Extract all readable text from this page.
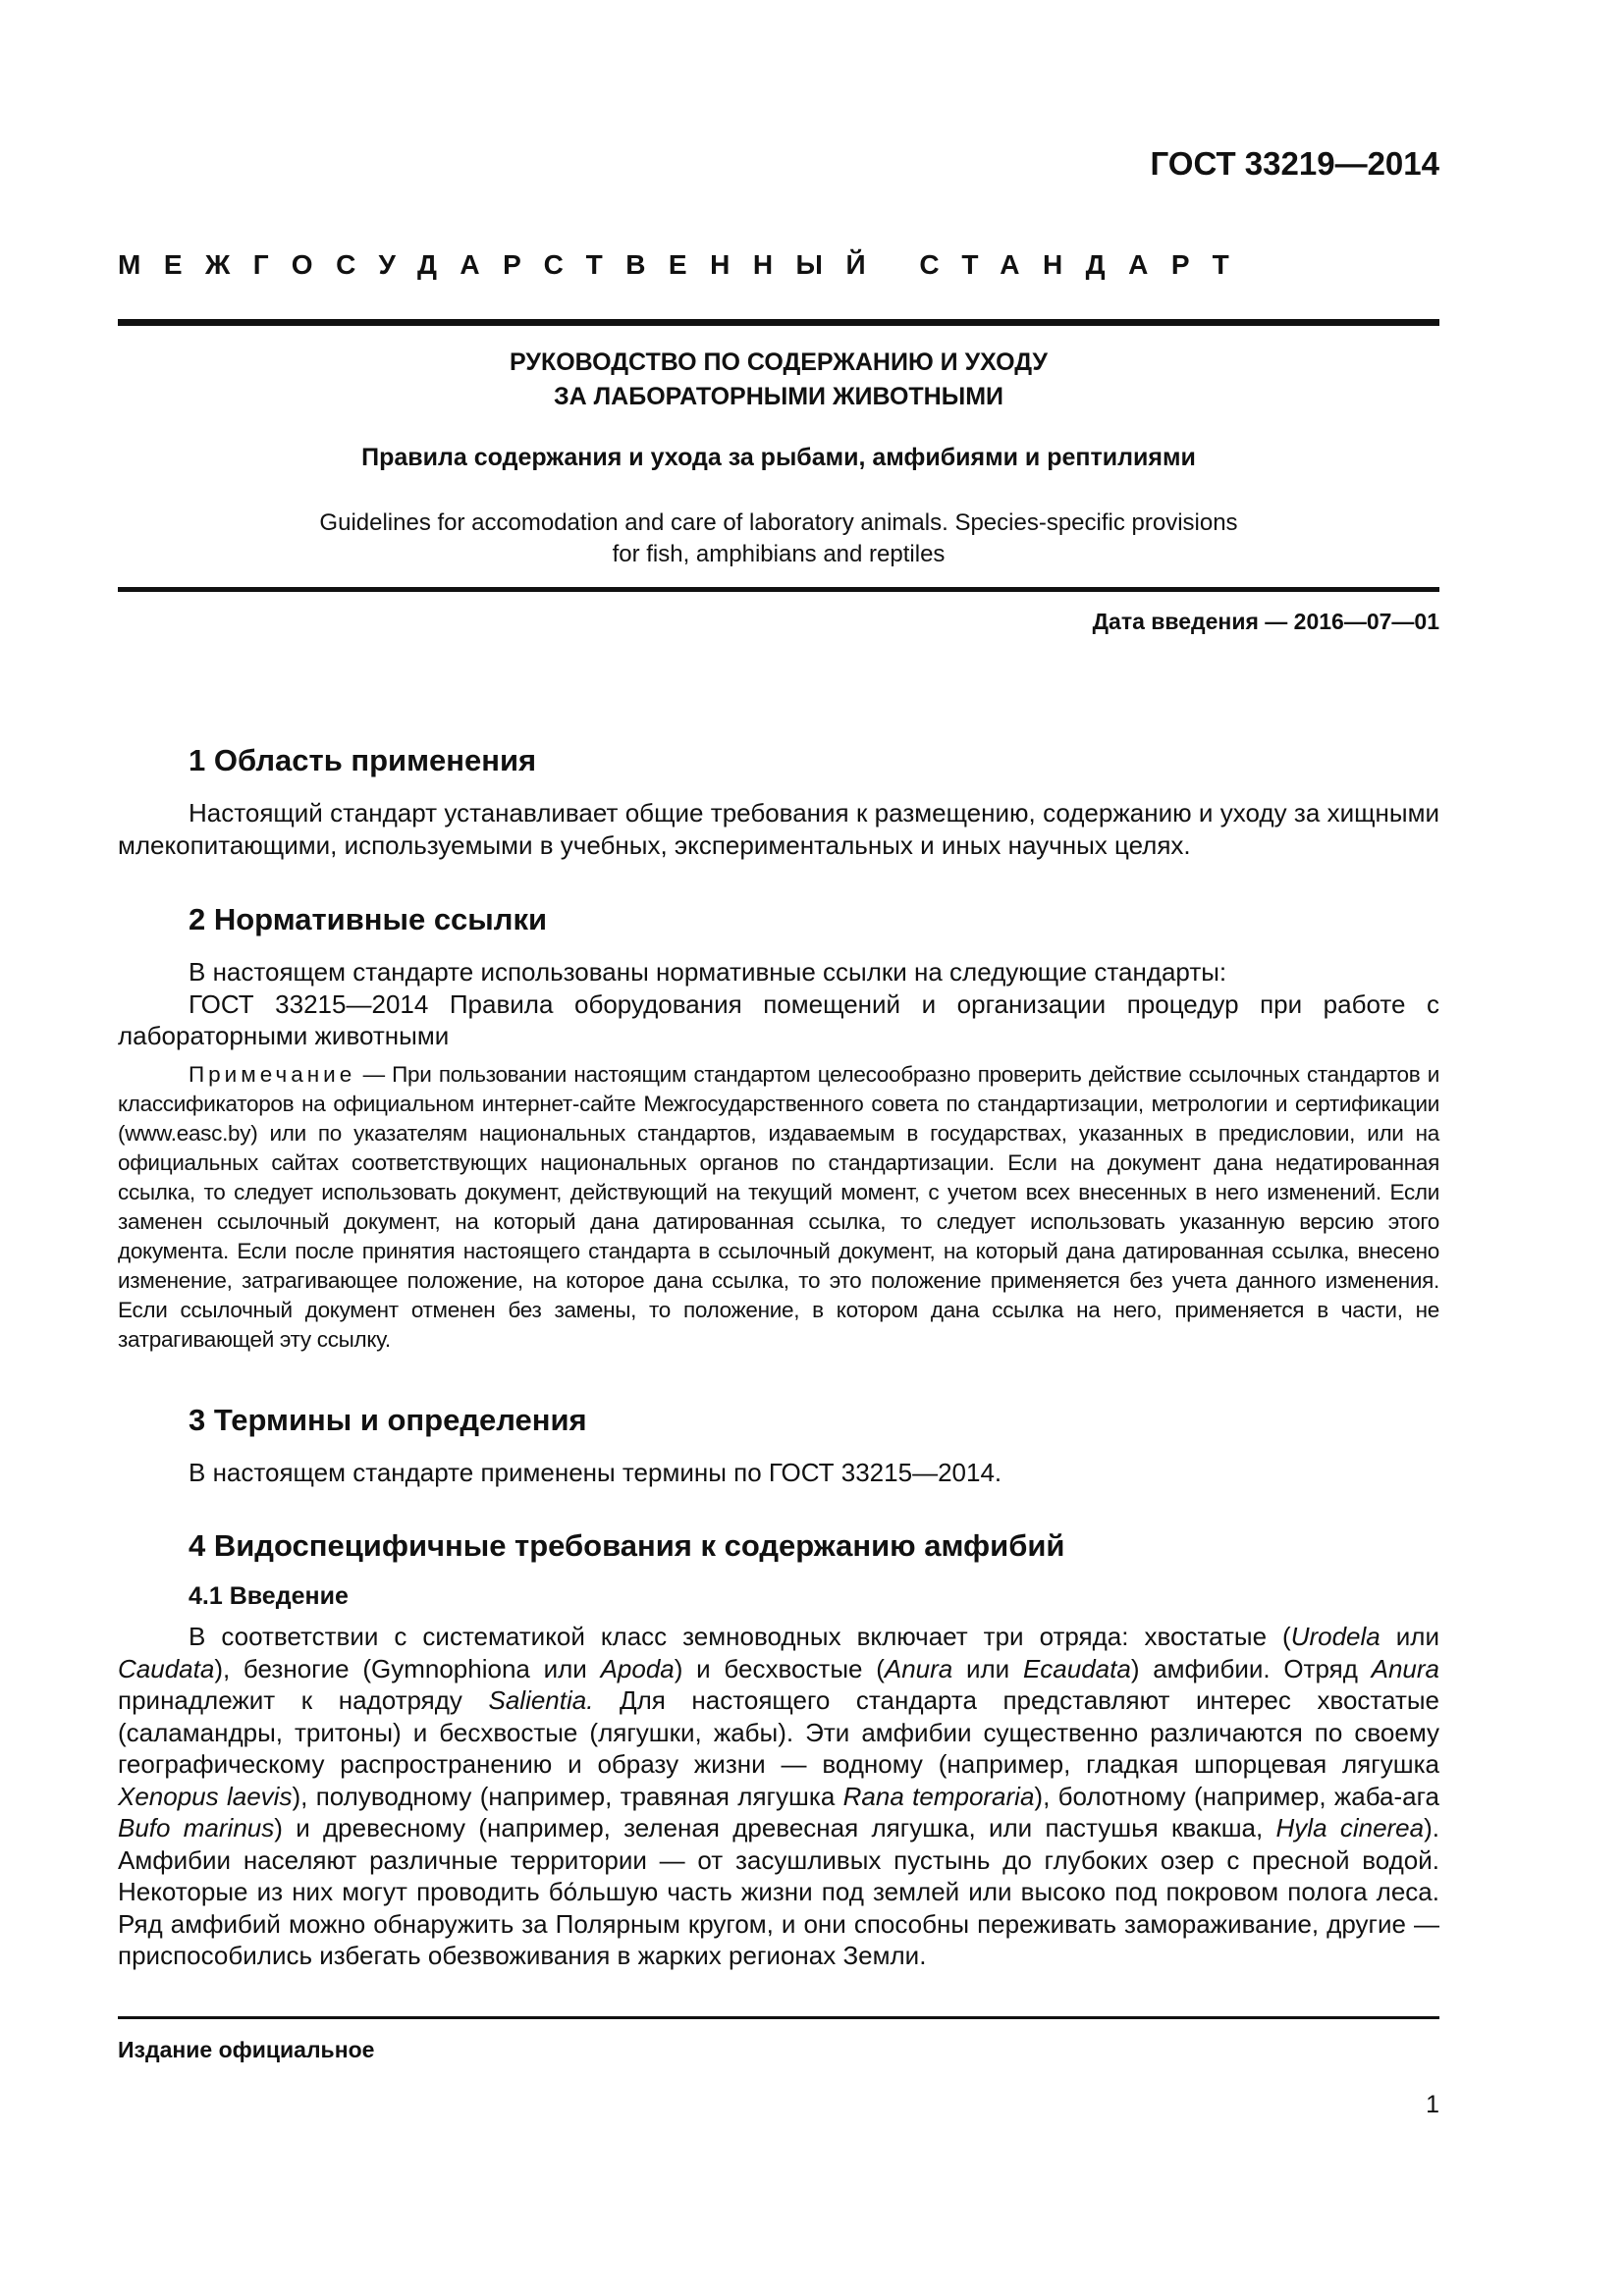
ГОСТ 33219—2014

МЕЖГОСУДАРСТВЕННЫЙ СТАНДАРТ

РУКОВОДСТВО ПО СОДЕРЖАНИЮ И УХОДУ
ЗА ЛАБОРАТОРНЫМИ ЖИВОТНЫМИ

Правила содержания и ухода за рыбами, амфибиями и рептилиями

Guidelines for accomodation and care of laboratory animals. Species-specific provisions
for fish, amphibians and reptiles

Дата введения — 2016—07—01

1 Область применения

Настоящий стандарт устанавливает общие требования к размещению, содержанию и уходу за хищными млекопитающими, используемыми в учебных, экспериментальных и иных научных целях.

2 Нормативные ссылки

В настоящем стандарте использованы нормативные ссылки на следующие стандарты:

ГОСТ 33215—2014 Правила оборудования помещений и организации процедур при работе с лабораторными животными

Примечание — При пользовании настоящим стандартом целесообразно проверить действие ссылочных стандартов и классификаторов на официальном интернет-сайте Межгосударственного совета по стандартизации, метрологии и сертификации (www.easc.by) или по указателям национальных стандартов, издаваемым в государствах, указанных в предисловии, или на официальных сайтах соответствующих национальных органов по стандартизации. Если на документ дана недатированная ссылка, то следует использовать документ, действующий на текущий момент, с учетом всех внесенных в него изменений. Если заменен ссылочный документ, на который дана датированная ссылка, то следует использовать указанную версию этого документа. Если после принятия настоящего стандарта в ссылочный документ, на который дана датированная ссылка, внесено изменение, затрагивающее положение, на которое дана ссылка, то это положение применяется без учета данного изменения. Если ссылочный документ отменен без замены, то положение, в котором дана ссылка на него, применяется в части, не затрагивающей эту ссылку.

3 Термины и определения

В настоящем стандарте применены термины по ГОСТ 33215—2014.

4 Видоспецифичные требования к содержанию амфибий
4.1 Введение

В соответствии с систематикой класс земноводных включает три отряда: хвостатые (Urodela или Caudata), безногие (Gymnophiona или Apoda) и бесхвостые (Anura или Ecaudata) амфибии. Отряд Anura принадлежит к надотряду Salientia. Для настоящего стандарта представляют интерес хвостатые (саламандры, тритоны) и бесхвостые (лягушки, жабы). Эти амфибии существенно различаются по своему географическому распространению и образу жизни — водному (например, гладкая шпорцевая лягушка Xenopus laevis), полуводному (например, травяная лягушка Rana temporaria), болотному (например, жаба-ага Bufo marinus) и древесному (например, зеленая древесная лягушка, или пастушья квакша, Hyla cinerea). Амфибии населяют различные территории — от засушливых пустынь до глубоких озер с пресной водой. Некоторые из них могут проводить бо́льшую часть жизни под землей или высоко под покровом полога леса. Ряд амфибий можно обнаружить за Полярным кругом, и они способны переживать замораживание, другие — приспособились избегать обезвоживания в жарких регионах Земли.

Издание официальное

1
